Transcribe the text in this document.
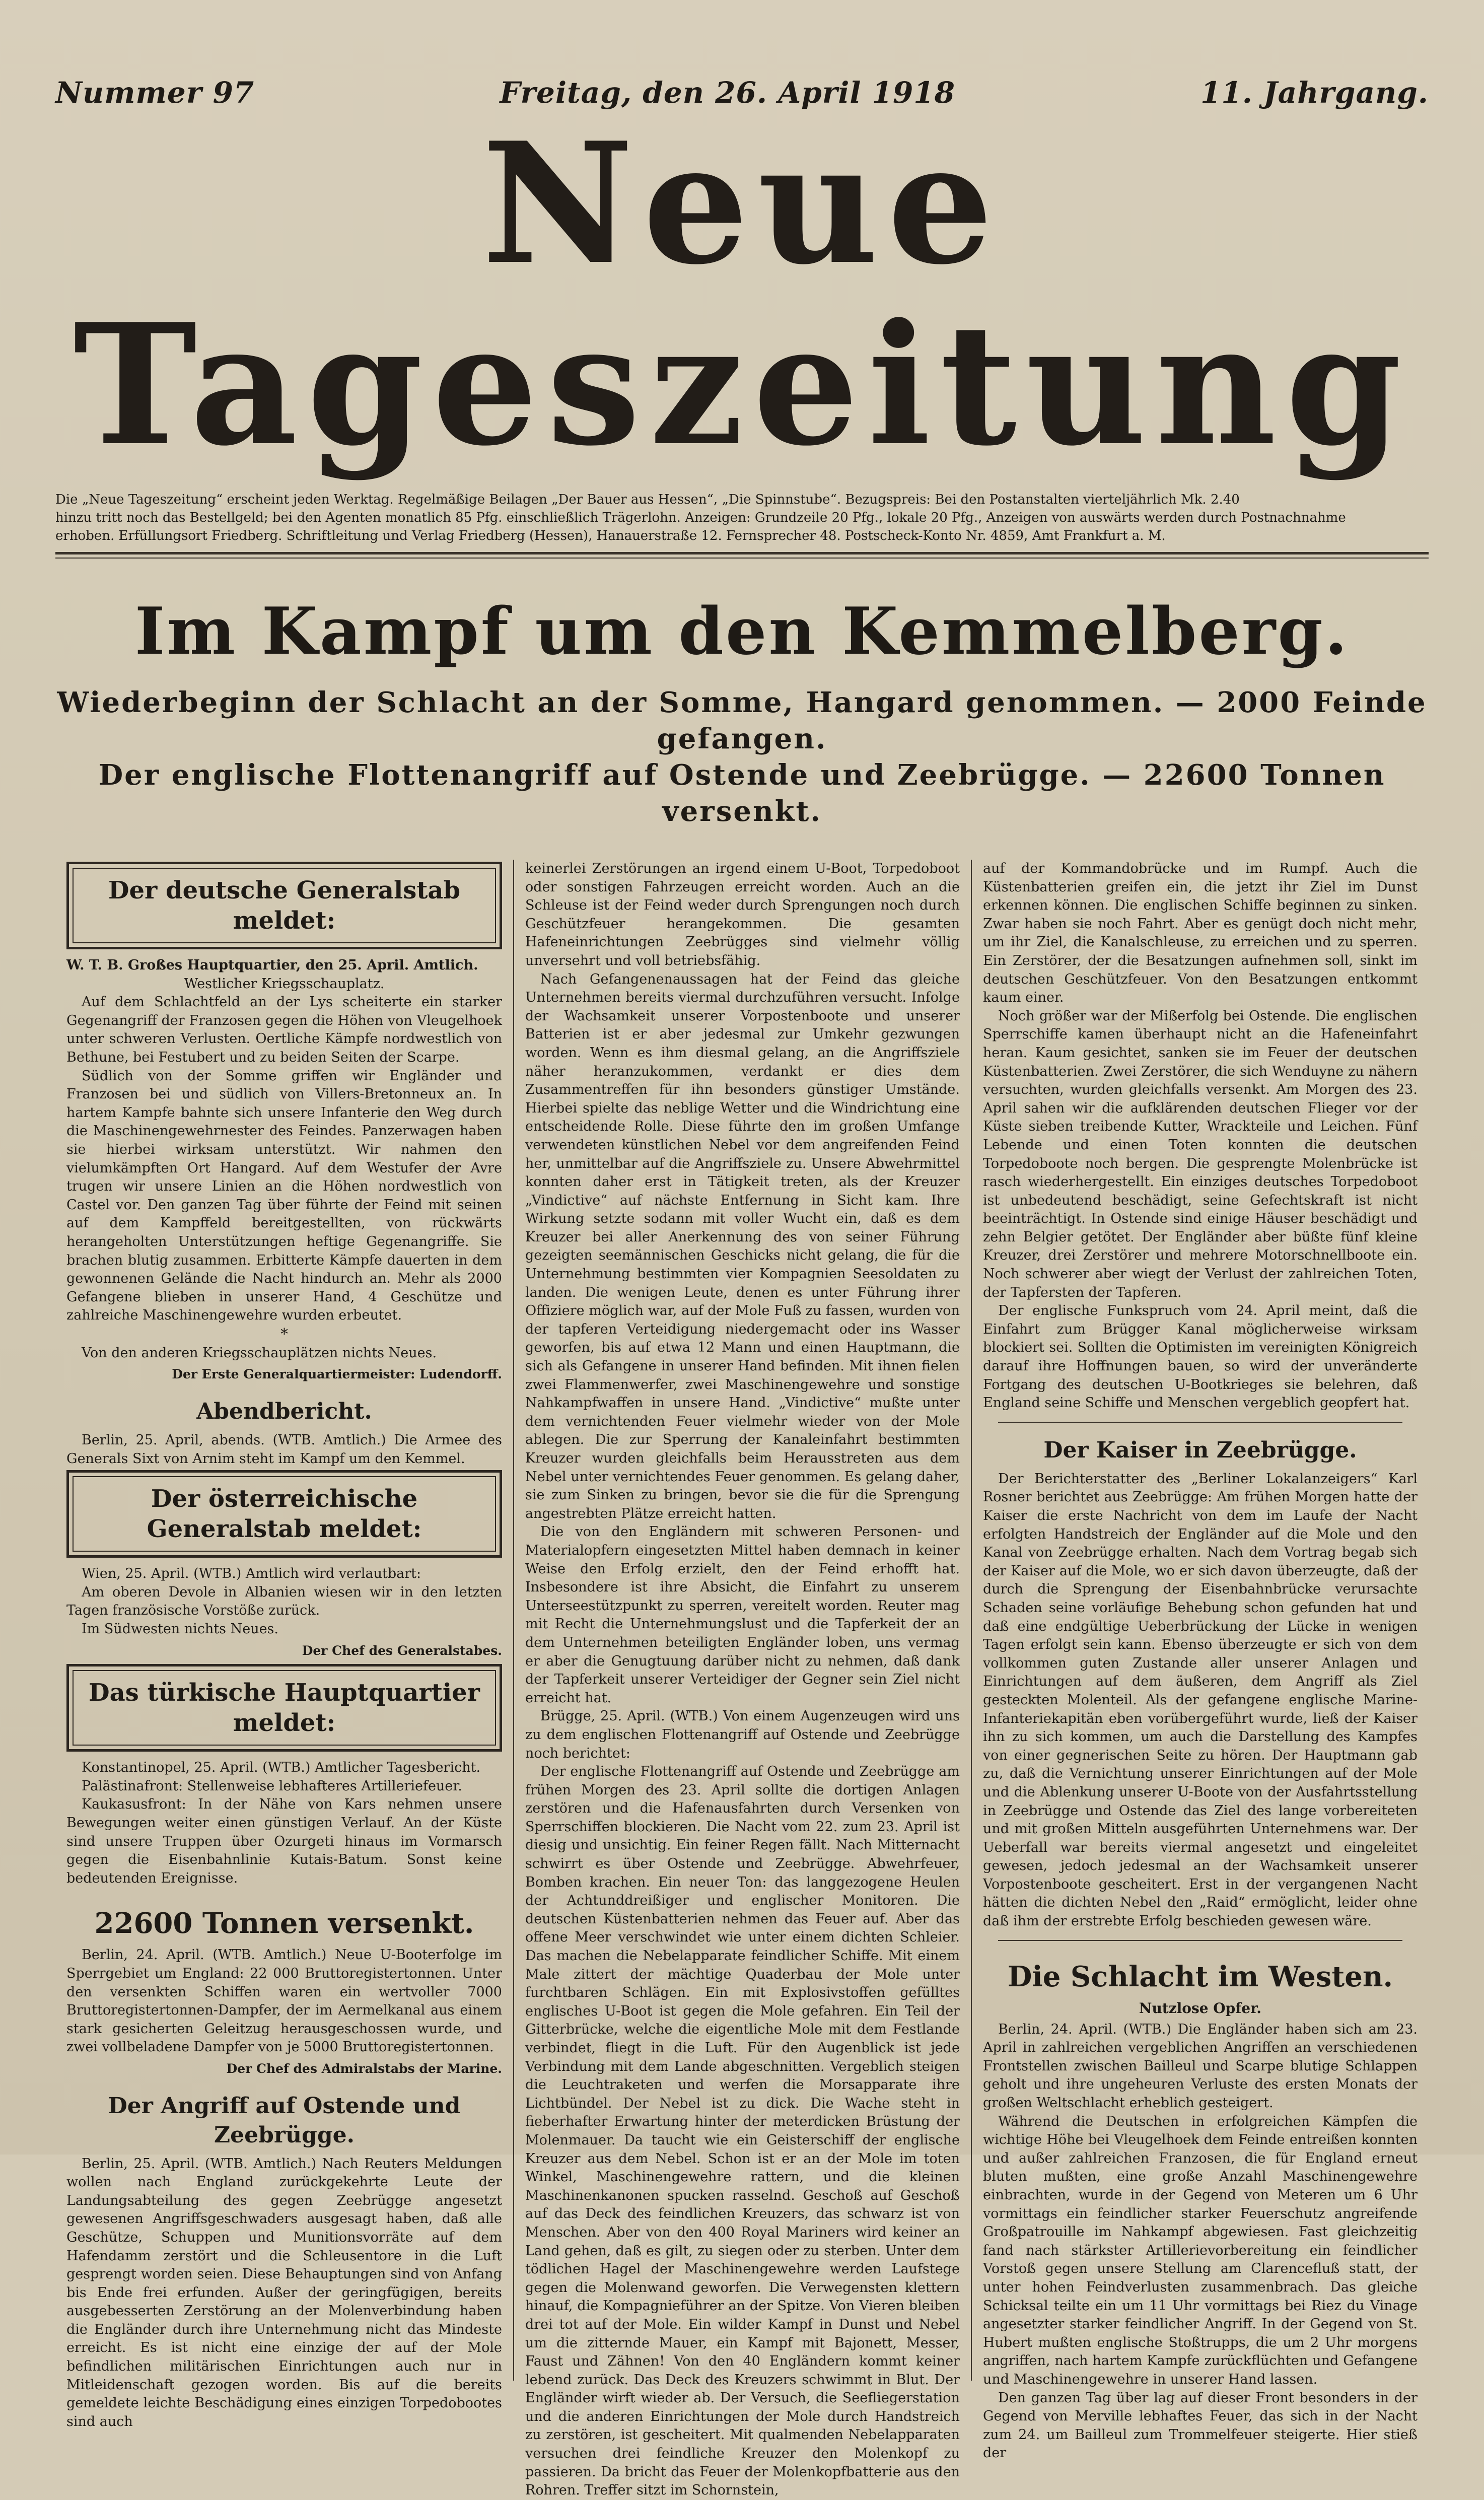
Nummer 97	Freitag, den 26. April 1918	11. Jahrgang.
Neue Tageszeitung
Die „Neue Tageszeitung“ erscheint jeden Werktag. Regelmäßige Beilagen „Der Bauer aus Hessen“, „Die Spinnstube“. Bezugspreis: Bei den Postanstalten vierteljährlich Mk. 2.40
hinzu tritt noch das Bestellgeld; bei den Agenten monatlich 85 Pfg. einschließlich Trägerlohn. Anzeigen: Grundzeile 20 Pfg., lokale 20 Pfg., Anzeigen von auswärts werden durch Postnachnahme
erhoben. Erfüllungsort Friedberg. Schriftleitung und Verlag Friedberg (Hessen), Hanauerstraße 12. Fernsprecher 48. Postscheck-Konto Nr. 4859, Amt Frankfurt a. M.
Im Kampf um den Kemmelberg.
Wiederbeginn der Schlacht an der Somme, Hangard genommen. — 2000 Feinde gefangen.
Der englische Flottenangriff auf Ostende und Zeebrügge. — 22600 Tonnen versenkt.
Der deutsche Generalstab meldet:

W. T. B. Großes Hauptquartier, den 25. April. Amtlich.

Westlicher Kriegsschauplatz.

Auf dem Schlachtfeld an der Lys scheiterte ein starker Gegenangriff der Franzosen gegen die Höhen von Vleugelhoek unter schweren Verlusten. Oertliche Kämpfe nordwestlich von Bethune, bei Festubert und zu beiden Seiten der Scarpe.

Südlich von der Somme griffen wir Engländer und Franzosen bei und südlich von Villers-Bretonneux an. In hartem Kampfe bahnte sich unsere Infanterie den Weg durch die Maschinengewehrnester des Feindes. Panzerwagen haben sie hierbei wirksam unterstützt. Wir nahmen den vielumkämpften Ort Hangard. Auf dem Westufer der Avre trugen wir unsere Linien an die Höhen nordwestlich von Castel vor. Den ganzen Tag über führte der Feind mit seinen auf dem Kampffeld bereitgestellten, von rückwärts herangeholten Unterstützungen heftige Gegenangriffe. Sie brachen blutig zusammen. Erbitterte Kämpfe dauerten in dem gewonnenen Gelände die Nacht hindurch an. Mehr als 2000 Gefangene blieben in unserer Hand, 4 Geschütze und zahlreiche Maschinengewehre wurden erbeutet.

*

Von den anderen Kriegsschauplätzen nichts Neues.

Der Erste Generalquartiermeister: Ludendorff.
Abendbericht.

Berlin, 25. April, abends. (WTB. Amtlich.) Die Armee des Generals Sixt von Arnim steht im Kampf um den Kemmel.

Der österreichische Generalstab meldet:

Wien, 25. April. (WTB.) Amtlich wird verlautbart:

Am oberen Devole in Albanien wiesen wir in den letzten Tagen französische Vorstöße zurück.

Im Südwesten nichts Neues.

Der Chef des Generalstabes.
Das türkische Hauptquartier meldet:

Konstantinopel, 25. April. (WTB.) Amtlicher Tagesbericht.

Palästinafront: Stellenweise lebhafteres Artilleriefeuer.

Kaukasusfront: In der Nähe von Kars nehmen unsere Bewegungen weiter einen günstigen Verlauf. An der Küste sind unsere Truppen über Ozurgeti hinaus im Vormarsch gegen die Eisenbahnlinie Kutais-Batum. Sonst keine bedeutenden Ereignisse.

22600 Tonnen versenkt.

Berlin, 24. April. (WTB. Amtlich.) Neue U-Booterfolge im Sperrgebiet um England: 22 000 Bruttoregistertonnen. Unter den versenkten Schiffen waren ein wertvoller 7000 Bruttoregistertonnen-Dampfer, der im Aermelkanal aus einem stark gesicherten Geleitzug herausgeschossen wurde, und zwei vollbeladene Dampfer von je 5000 Bruttoregistertonnen.

Der Chef des Admiralstabs der Marine.
Der Angriff auf Ostende und Zeebrügge.

Berlin, 25. April. (WTB. Amtlich.) Nach Reuters Meldungen wollen nach England zurückgekehrte Leute der Landungsabteilung des gegen Zeebrügge angesetzt gewesenen Angriffsgeschwaders ausgesagt haben, daß alle Geschütze, Schuppen und Munitionsvorräte auf dem Hafendamm zerstört und die Schleusentore in die Luft gesprengt worden seien. Diese Behauptungen sind von Anfang bis Ende frei erfunden. Außer der geringfügigen, bereits ausgebesserten Zerstörung an der Molenverbindung haben die Engländer durch ihre Unternehmung nicht das Mindeste erreicht. Es ist nicht eine einzige der auf der Mole befindlichen militärischen Einrichtungen auch nur in Mitleidenschaft gezogen worden. Bis auf die bereits gemeldete leichte Beschädigung eines einzigen Torpedobootes sind auch

keinerlei Zerstörungen an irgend einem U-Boot, Torpedoboot oder sonstigen Fahrzeugen erreicht worden. Auch an die Schleuse ist der Feind weder durch Sprengungen noch durch Geschützfeuer herangekommen. Die gesamten Hafeneinrichtungen Zeebrügges sind vielmehr völlig unversehrt und voll betriebsfähig.

Nach Gefangenenaussagen hat der Feind das gleiche Unternehmen bereits viermal durchzuführen versucht. Infolge der Wachsamkeit unserer Vorpostenboote und unserer Batterien ist er aber jedesmal zur Umkehr gezwungen worden. Wenn es ihm diesmal gelang, an die Angriffsziele näher heranzukommen, verdankt er dies dem Zusammentreffen für ihn besonders günstiger Umstände. Hierbei spielte das neblige Wetter und die Windrichtung eine entscheidende Rolle. Diese führte den im großen Umfange verwendeten künstlichen Nebel vor dem angreifenden Feind her, unmittelbar auf die Angriffsziele zu. Unsere Abwehrmittel konnten daher erst in Tätigkeit treten, als der Kreuzer „Vindictive“ auf nächste Entfernung in Sicht kam. Ihre Wirkung setzte sodann mit voller Wucht ein, daß es dem Kreuzer bei aller Anerkennung des von seiner Führung gezeigten seemännischen Geschicks nicht gelang, die für die Unternehmung bestimmten vier Kompagnien Seesoldaten zu landen. Die wenigen Leute, denen es unter Führung ihrer Offiziere möglich war, auf der Mole Fuß zu fassen, wurden von der tapferen Verteidigung niedergemacht oder ins Wasser geworfen, bis auf etwa 12 Mann und einen Hauptmann, die sich als Gefangene in unserer Hand befinden. Mit ihnen fielen zwei Flammenwerfer, zwei Maschinengewehre und sonstige Nahkampfwaffen in unsere Hand. „Vindictive“ mußte unter dem vernichtenden Feuer vielmehr wieder von der Mole ablegen. Die zur Sperrung der Kanaleinfahrt bestimmten Kreuzer wurden gleichfalls beim Herausstreten aus dem Nebel unter vernichtendes Feuer genommen. Es gelang daher, sie zum Sinken zu bringen, bevor sie die für die Sprengung angestrebten Plätze erreicht hatten.

Die von den Engländern mit schweren Personen- und Materialopfern eingesetzten Mittel haben demnach in keiner Weise den Erfolg erzielt, den der Feind erhofft hat. Insbesondere ist ihre Absicht, die Einfahrt zu unserem Unterseestützpunkt zu sperren, vereitelt worden. Reuter mag mit Recht die Unternehmungslust und die Tapferkeit der an dem Unternehmen beteiligten Engländer loben, uns vermag er aber die Genugtuung darüber nicht zu nehmen, daß dank der Tapferkeit unserer Verteidiger der Gegner sein Ziel nicht erreicht hat.

Brügge, 25. April. (WTB.) Von einem Augenzeugen wird uns zu dem englischen Flottenangriff auf Ostende und Zeebrügge noch berichtet:

Der englische Flottenangriff auf Ostende und Zeebrügge am frühen Morgen des 23. April sollte die dortigen Anlagen zerstören und die Hafenausfahrten durch Versenken von Sperrschiffen blockieren. Die Nacht vom 22. zum 23. April ist diesig und unsichtig. Ein feiner Regen fällt. Nach Mitternacht schwirrt es über Ostende und Zeebrügge. Abwehrfeuer, Bomben krachen. Ein neuer Ton: das langgezogene Heulen der Achtunddreißiger und englischer Monitoren. Die deutschen Küstenbatterien nehmen das Feuer auf. Aber das offene Meer verschwindet wie unter einem dichten Schleier. Das machen die Nebelapparate feindlicher Schiffe. Mit einem Male zittert der mächtige Quaderbau der Mole unter furchtbaren Schlägen. Ein mit Explosivstoffen gefülltes englisches U-Boot ist gegen die Mole gefahren. Ein Teil der Gitterbrücke, welche die eigentliche Mole mit dem Festlande verbindet, fliegt in die Luft. Für den Augenblick ist jede Verbindung mit dem Lande abgeschnitten. Vergeblich steigen die Leuchtraketen und werfen die Morsapparate ihre Lichtbündel. Der Nebel ist zu dick. Die Wache steht in fieberhafter Erwartung hinter der meterdicken Brüstung der Molenmauer. Da taucht wie ein Geisterschiff der englische Kreuzer aus dem Nebel. Schon ist er an der Mole im toten Winkel, Maschinengewehre rattern, und die kleinen Maschinenkanonen spucken rasselnd. Geschoß auf Geschoß auf das Deck des feindlichen Kreuzers, das schwarz ist von Menschen. Aber von den 400 Royal Mariners wird keiner an Land gehen, daß es gilt, zu siegen oder zu sterben. Unter dem tödlichen Hagel der Maschinengewehre werden Laufstege gegen die Molenwand geworfen. Die Verwegensten klettern hinauf, die Kompagnieführer an der Spitze. Von Vieren bleiben drei tot auf der Mole. Ein wilder Kampf in Dunst und Nebel um die zitternde Mauer, ein Kampf mit Bajonett, Messer, Faust und Zähnen! Von den 40 Engländern kommt keiner lebend zurück. Das Deck des Kreuzers schwimmt in Blut. Der Engländer wirft wieder ab. Der Versuch, die Seefliegerstation und die anderen Einrichtungen der Mole durch Handstreich zu zerstören, ist gescheitert. Mit qualmenden Nebelapparaten versuchen drei feindliche Kreuzer den Molenkopf zu passieren. Da bricht das Feuer der Molenkopfbatterie aus den Rohren. Treffer sitzt im Schornstein,

auf der Kommandobrücke und im Rumpf. Auch die Küstenbatterien greifen ein, die jetzt ihr Ziel im Dunst erkennen können. Die englischen Schiffe beginnen zu sinken. Zwar haben sie noch Fahrt. Aber es genügt doch nicht mehr, um ihr Ziel, die Kanalschleuse, zu erreichen und zu sperren. Ein Zerstörer, der die Besatzungen aufnehmen soll, sinkt im deutschen Geschützfeuer. Von den Besatzungen entkommt kaum einer.

Noch größer war der Mißerfolg bei Ostende. Die englischen Sperrschiffe kamen überhaupt nicht an die Hafeneinfahrt heran. Kaum gesichtet, sanken sie im Feuer der deutschen Küstenbatterien. Zwei Zerstörer, die sich Wenduyne zu nähern versuchten, wurden gleichfalls versenkt. Am Morgen des 23. April sahen wir die aufklärenden deutschen Flieger vor der Küste sieben treibende Kutter, Wrackteile und Leichen. Fünf Lebende und einen Toten konnten die deutschen Torpedoboote noch bergen. Die gesprengte Molenbrücke ist rasch wiederhergestellt. Ein einziges deutsches Torpedoboot ist unbedeutend beschädigt, seine Gefechtskraft ist nicht beeinträchtigt. In Ostende sind einige Häuser beschädigt und zehn Belgier getötet. Der Engländer aber büßte fünf kleine Kreuzer, drei Zerstörer und mehrere Motorschnellboote ein. Noch schwerer aber wiegt der Verlust der zahlreichen Toten, der Tapfersten der Tapferen.

Der englische Funkspruch vom 24. April meint, daß die Einfahrt zum Brügger Kanal möglicherweise wirksam blockiert sei. Sollten die Optimisten im vereinigten Königreich darauf ihre Hoffnungen bauen, so wird der unveränderte Fortgang des deutschen U-Bootkrieges sie belehren, daß England seine Schiffe und Menschen vergeblich geopfert hat.

Der Kaiser in Zeebrügge.

Der Berichterstatter des „Berliner Lokalanzeigers“ Karl Rosner berichtet aus Zeebrügge: Am frühen Morgen hatte der Kaiser die erste Nachricht von dem im Laufe der Nacht erfolgten Handstreich der Engländer auf die Mole und den Kanal von Zeebrügge erhalten. Nach dem Vortrag begab sich der Kaiser auf die Mole, wo er sich davon überzeugte, daß der durch die Sprengung der Eisenbahnbrücke verursachte Schaden seine vorläufige Behebung schon gefunden hat und daß eine endgültige Ueberbrückung der Lücke in wenigen Tagen erfolgt sein kann. Ebenso überzeugte er sich von dem vollkommen guten Zustande aller unserer Anlagen und Einrichtungen auf dem äußeren, dem Angriff als Ziel gesteckten Molenteil. Als der gefangene englische Marine-Infanteriekapitän eben vorübergeführt wurde, ließ der Kaiser ihn zu sich kommen, um auch die Darstellung des Kampfes von einer gegnerischen Seite zu hören. Der Hauptmann gab zu, daß die Vernichtung unserer Einrichtungen auf der Mole und die Ablenkung unserer U-Boote von der Ausfahrtsstellung in Zeebrügge und Ostende das Ziel des lange vorbereiteten und mit großen Mitteln ausgeführten Unternehmens war. Der Ueberfall war bereits viermal angesetzt und eingeleitet gewesen, jedoch jedesmal an der Wachsamkeit unserer Vorpostenboote gescheitert. Erst in der vergangenen Nacht hätten die dichten Nebel den „Raid“ ermöglicht, leider ohne daß ihm der erstrebte Erfolg beschieden gewesen wäre.

Die Schlacht im Westen.
Nutzlose Opfer.

Berlin, 24. April. (WTB.) Die Engländer haben sich am 23. April in zahlreichen vergeblichen Angriffen an verschiedenen Frontstellen zwischen Bailleul und Scarpe blutige Schlappen geholt und ihre ungeheuren Verluste des ersten Monats der großen Weltschlacht erheblich gesteigert.

Während die Deutschen in erfolgreichen Kämpfen die wichtige Höhe bei Vleugelhoek dem Feinde entreißen konnten und außer zahlreichen Franzosen, die für England erneut bluten mußten, eine große Anzahl Maschinengewehre einbrachten, wurde in der Gegend von Meteren um 6 Uhr vormittags ein feindlicher starker Feuerschutz angreifende Großpatrouille im Nahkampf abgewiesen. Fast gleichzeitig fand nach stärkster Artillerievorbereitung ein feindlicher Vorstoß gegen unsere Stellung am Clarencefluß statt, der unter hohen Feindverlusten zusammenbrach. Das gleiche Schicksal teilte ein um 11 Uhr vormittags bei Riez du Vinage angesetzter starker feindlicher Angriff. In der Gegend von St. Hubert mußten englische Stoßtrupps, die um 2 Uhr morgens angriffen, nach hartem Kampfe zurückflüchten und Gefangene und Maschinengewehre in unserer Hand lassen.

Den ganzen Tag über lag auf dieser Front besonders in der Gegend von Merville lebhaftes Feuer, das sich in der Nacht zum 24. um Bailleul zum Trommelfeuer steigerte. Hier stieß der
